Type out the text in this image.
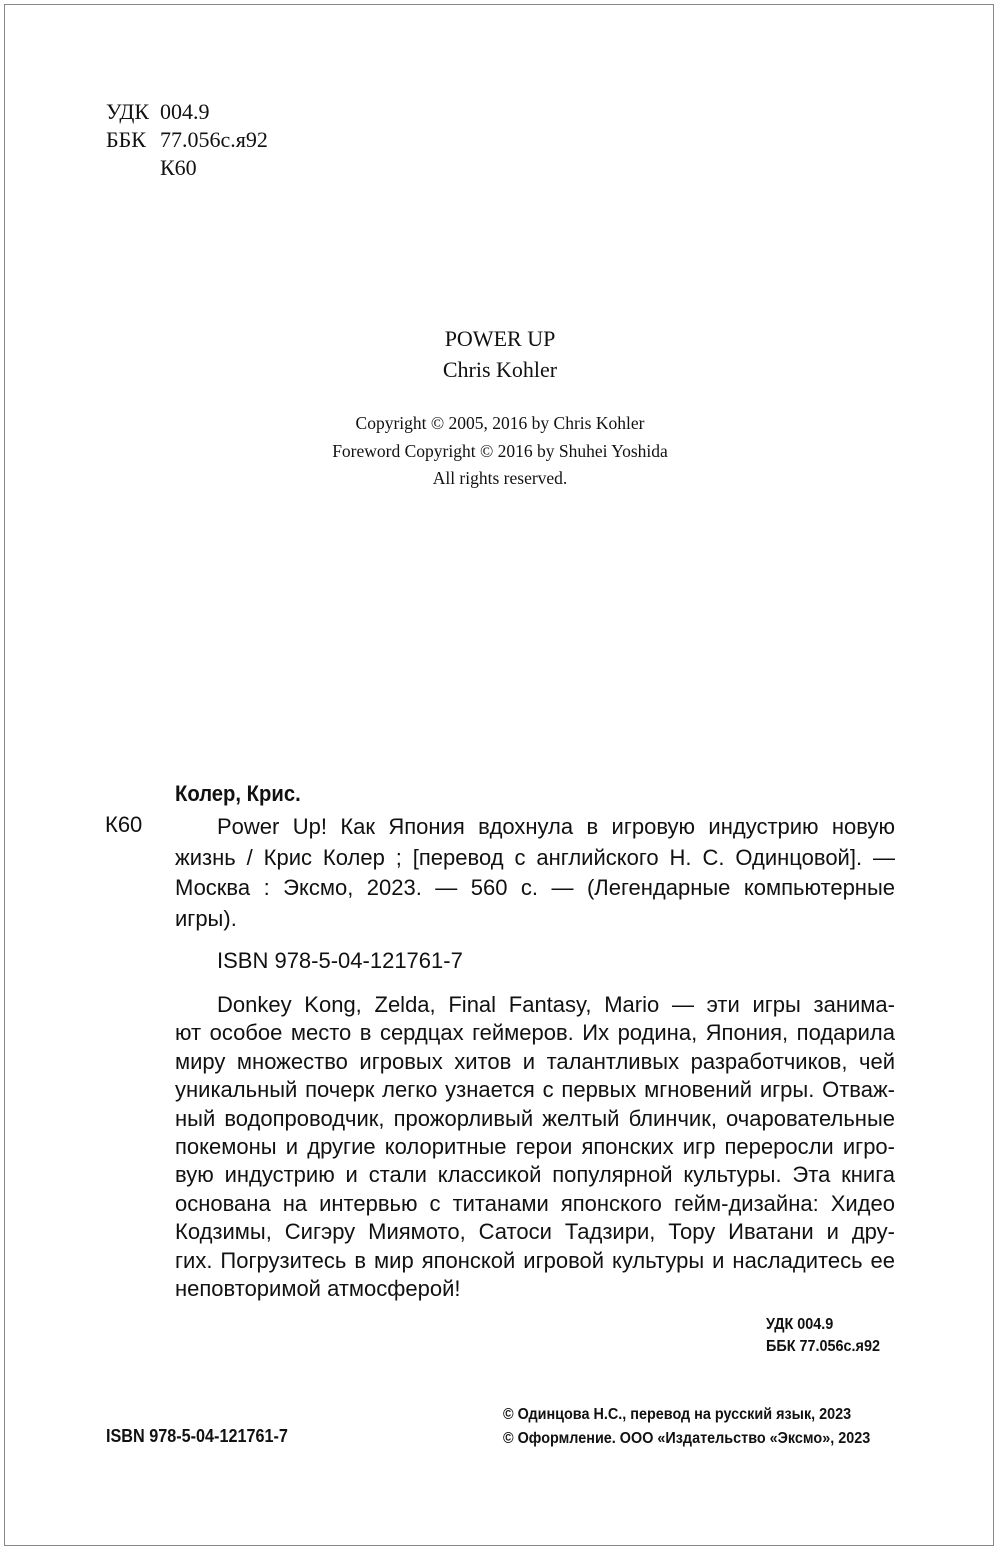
УДК 004.9
ББК 77.056с.я92
К60
POWER UP
Chris Kohler
Copyright © 2005, 2016 by Chris Kohler
Foreword Copyright © 2016 by Shuhei Yoshida
All rights reserved.
Колер, Крис.
К60	Power Up! Как Япония вдохнула в игровую индустрию новую
жизнь / Крис Колер ; [перевод с английского Н. С. Одинцовой]. —
Москва : Эксмо, 2023. — 560 с. — (Легендарные компьютерные
игры).
ISBN 978-5-04-121761-7
Donkey Kong, Zelda, Final Fantasy, Mario — эти игры занима-
ют особое место в сердцах геймеров. Их родина, Япония, подарила
миру множество игровых хитов и талантливых разработчиков, чей
уникальный почерк легко узнается с первых мгновений игры. Отваж-
ный водопроводчик, прожорливый желтый блинчик, очаровательные
покемоны и другие колоритные герои японских игр переросли игро-
вую индустрию и стали классикой популярной культуры. Эта книга
основана на интервью с титанами японского гейм-дизайна: Хидео
Кодзимы, Сигэру Миямото, Сатоси Тадзири, Тору Иватани и дру-
гих. Погрузитесь в мир японской игровой культуры и насладитесь ее
неповторимой атмосферой!
УДК 004.9
ББК 77.056с.я92
ISBN 978-5-04-121761-7
© Одинцова Н.С., перевод на русский язык, 2023
© Оформление. ООО «Издательство «Эксмо», 2023
